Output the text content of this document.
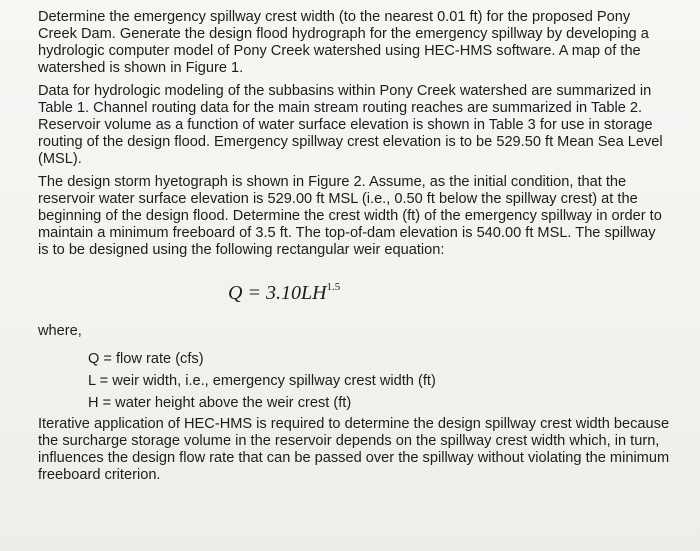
Determine the emergency spillway crest width (to the nearest 0.01 ft) for the proposed Pony Creek Dam. Generate the design flood hydrograph for the emergency spillway by developing a hydrologic computer model of Pony Creek watershed using HEC-HMS software. A map of the watershed is shown in Figure 1.

Data for hydrologic modeling of the subbasins within Pony Creek watershed are summarized in Table 1. Channel routing data for the main stream routing reaches are summarized in Table 2. Reservoir volume as a function of water surface elevation is shown in Table 3 for use in storage routing of the design flood. Emergency spillway crest elevation is to be 529.50 ft Mean Sea Level (MSL).

The design storm hyetograph is shown in Figure 2. Assume, as the initial condition, that the reservoir water surface elevation is 529.00 ft MSL (i.e., 0.50 ft below the spillway crest) at the beginning of the design flood. Determine the crest width (ft) of the emergency spillway in order to maintain a minimum freeboard of 3.5 ft. The top-of-dam elevation is 540.00 ft MSL. The spillway is to be designed using the following rectangular weir equation:

$Q = 3.10LH^{1.5}$
where,
Q = flow rate (cfs)
L = weir width, i.e., emergency spillway crest width (ft)
H = water height above the weir crest (ft)

Iterative application of HEC-HMS is required to determine the design spillway crest width because the surcharge storage volume in the reservoir depends on the spillway crest width which, in turn, influences the design flow rate that can be passed over the spillway without violating the minimum freeboard criterion.
